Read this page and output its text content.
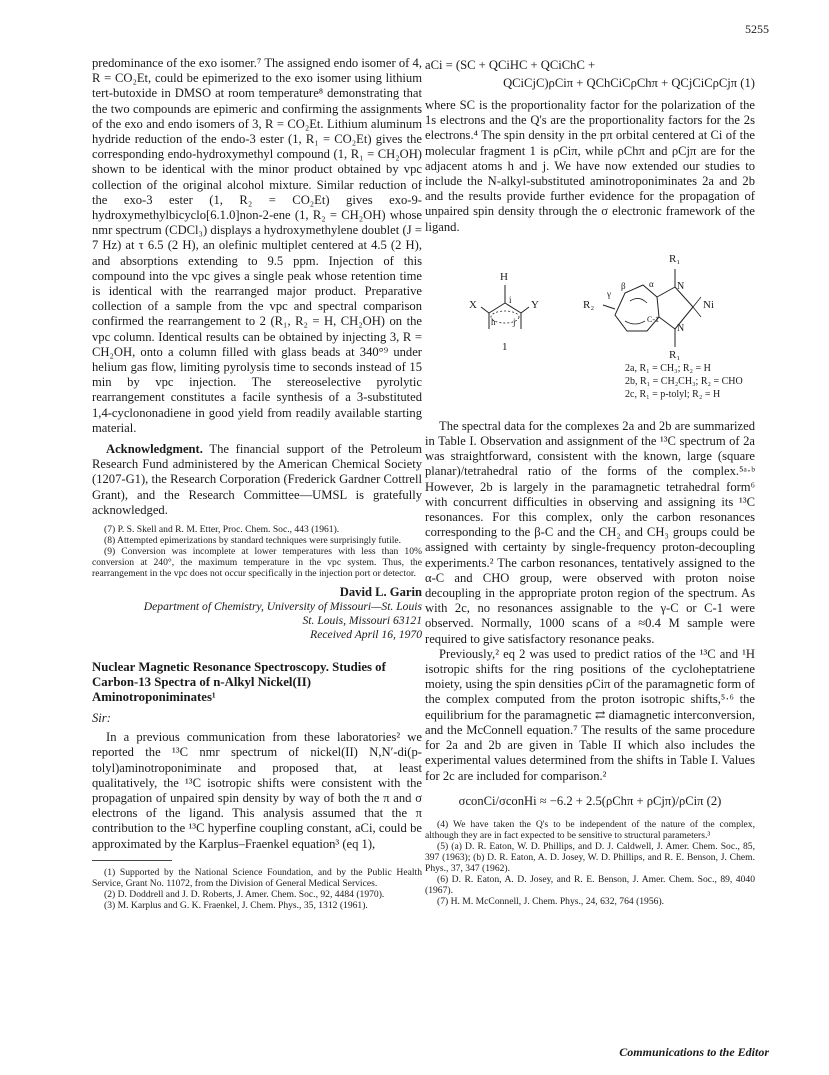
5255

predominance of the exo isomer.⁷ The assigned endo isomer of 4, R = CO₂Et, could be epimerized to the exo isomer using lithium tert-butoxide in DMSO at room temperature⁸ demonstrating that the two compounds are epimeric and confirming the assignments of the exo and endo isomers of 3, R = CO₂Et. Lithium aluminum hydride reduction of the endo-3 ester (1, R₁ = CO₂Et) gives the corresponding endo-hydroxymethyl compound (1, R₁ = CH₂OH) shown to be identical with the minor product obtained by vpc collection of the original alcohol mixture. Similar reduction of the exo-3 ester (1, R₂ = CO₂Et) gives exo-9-hydroxymethylbicyclo[6.1.0]non-2-ene (1, R₂ = CH₂OH) whose nmr spectrum (CDCl₃) displays a hydroxymethylene doublet (J = 7 Hz) at τ 6.5 (2 H), an olefinic multiplet centered at 4.5 (2 H), and absorptions extending to 9.5 ppm. Injection of this compound into the vpc gives a single peak whose retention time is identical with the rearranged major product. Preparative collection of a sample from the vpc and spectral comparison confirmed the rearrangement to 2 (R₁, R₂ = H, CH₂OH) on the vpc column. Identical results can be obtained by injecting 3, R = CH₂OH, onto a column filled with glass beads at 340°⁹ under helium gas flow, limiting pyrolysis time to seconds instead of 15 min by vpc injection. The stereoselective pyrolytic rearrangement constitutes a facile synthesis of a 3-substituted 1,4-cyclononadiene in good yield from readily available starting material.

Acknowledgment. The financial support of the Petroleum Research Fund administered by the American Chemical Society (1207-G1), the Research Corporation (Frederick Gardner Cottrell Grant), and the Research Committee—UMSL is gratefully acknowledged.

(7) P. S. Skell and R. M. Etter, Proc. Chem. Soc., 443 (1961).

(8) Attempted epimerizations by standard techniques were surprisingly futile.

(9) Conversion was incomplete at lower temperatures with less than 10% conversion at 240°, the maximum temperature in the vpc system. Thus, the rearrangement in the vpc does not occur specifically in the injection port or detector.

David L. Garin
Department of Chemistry, University of Missouri—St. Louis
St. Louis, Missouri 63121
Received April 16, 1970

Nuclear Magnetic Resonance Spectroscopy. Studies of Carbon-13 Spectra of n-Alkyl Nickel(II) Aminotroponiminates¹

Sir:

In a previous communication from these laboratories² we reported the ¹³C nmr spectrum of nickel(II) N,N′-di(p-tolyl)aminotroponiminate and proposed that, at least qualitatively, the ¹³C isotropic shifts were consistent with the propagation of unpaired spin density by way of both the π and σ electrons of the ligand. This analysis assumed that the π contribution to the ¹³C hyperfine coupling constant, aCi, could be approximated by the Karplus–Fraenkel equation³ (eq 1),

(1) Supported by the National Science Foundation, and by the Public Health Service, Grant No. 11072, from the Division of General Medical Services.

(2) D. Doddrell and J. D. Roberts, J. Amer. Chem. Soc., 92, 4484 (1970).

(3) M. Karplus and G. K. Fraenkel, J. Chem. Phys., 35, 1312 (1961).

aCi = (SC + QCiHC + QCiChC +
QCiCjC)ρCiπ + QChCiCρChπ + QCjCiCρCjπ (1)

where SC is the proportionality factor for the polarization of the 1s electrons and the Q's are the proportionality factors for the 2s electrons.⁴ The spin density in the pπ orbital centered at Ci of the molecular fragment 1 is ρCiπ, while ρChπ and ρCjπ are for the adjacent atoms h and j. We have now extended our studies to include the N-alkyl-substituted aminotroponiminates 2a and 2b and the results provide further evidence for the propagation of unpaired spin density through the σ electronic framework of the ligand.

H
i
X	Y
h j
1
R₁
R₂	Ni
N
N
C-1
α
β
γ
R₁
2a, R₁ = CH₃; R₂ = H
2b, R₁ = CH₂CH₃; R₂ = CHO
2c, R₁ = p-tolyl; R₂ = H

The spectral data for the complexes 2a and 2b are summarized in Table I. Observation and assignment of the ¹³C spectrum of 2a was straightforward, consistent with the known, large (square planar)/tetrahedral ratio of the forms of the complex.⁵ᵃ·ᵇ However, 2b is largely in the paramagnetic tetrahedral form⁶ with concurrent difficulties in observing and assigning its ¹³C resonances. For this complex, only the carbon resonances corresponding to the β-C and the CH₂ and CH₃ groups could be assigned with certainty by single-frequency proton-decoupling experiments.² The carbon resonances, tentatively assigned to the α-C and CHO group, were observed with proton noise decoupling in the appropriate proton region of the spectrum. As with 2c, no resonances assignable to the γ-C or C-1 were observed. Normally, 1000 scans of a ≈0.4 M sample were required to give satisfactory resonance peaks.

Previously,² eq 2 was used to predict ratios of the ¹³C and ¹H isotropic shifts for the ring positions of the cycloheptatriene moiety, using the spin densities ρCiπ of the paramagnetic form of the complex computed from the proton isotropic shifts,⁵·⁶ the equilibrium for the paramagnetic ⇄ diamagnetic interconversion, and the McConnell equation.⁷ The results of the same procedure for 2a and 2b are given in Table II which also includes the experimental values determined from the shifts in Table I. Values for 2c are included for comparison.²

σconCi/σconHi ≈ −6.2 + 2.5(ρChπ + ρCjπ)/ρCiπ (2)

(4) We have taken the Q's to be independent of the nature of the complex, although they are in fact expected to be sensitive to structural parameters.³

(5) (a) D. R. Eaton, W. D. Phillips, and D. J. Caldwell, J. Amer. Chem. Soc., 85, 397 (1963); (b) D. R. Eaton, A. D. Josey, W. D. Phillips, and R. E. Benson, J. Chem. Phys., 37, 347 (1962).

(6) D. R. Eaton, A. D. Josey, and R. E. Benson, J. Amer. Chem. Soc., 89, 4040 (1967).

(7) H. M. McConnell, J. Chem. Phys., 24, 632, 764 (1956).

Communications to the Editor
